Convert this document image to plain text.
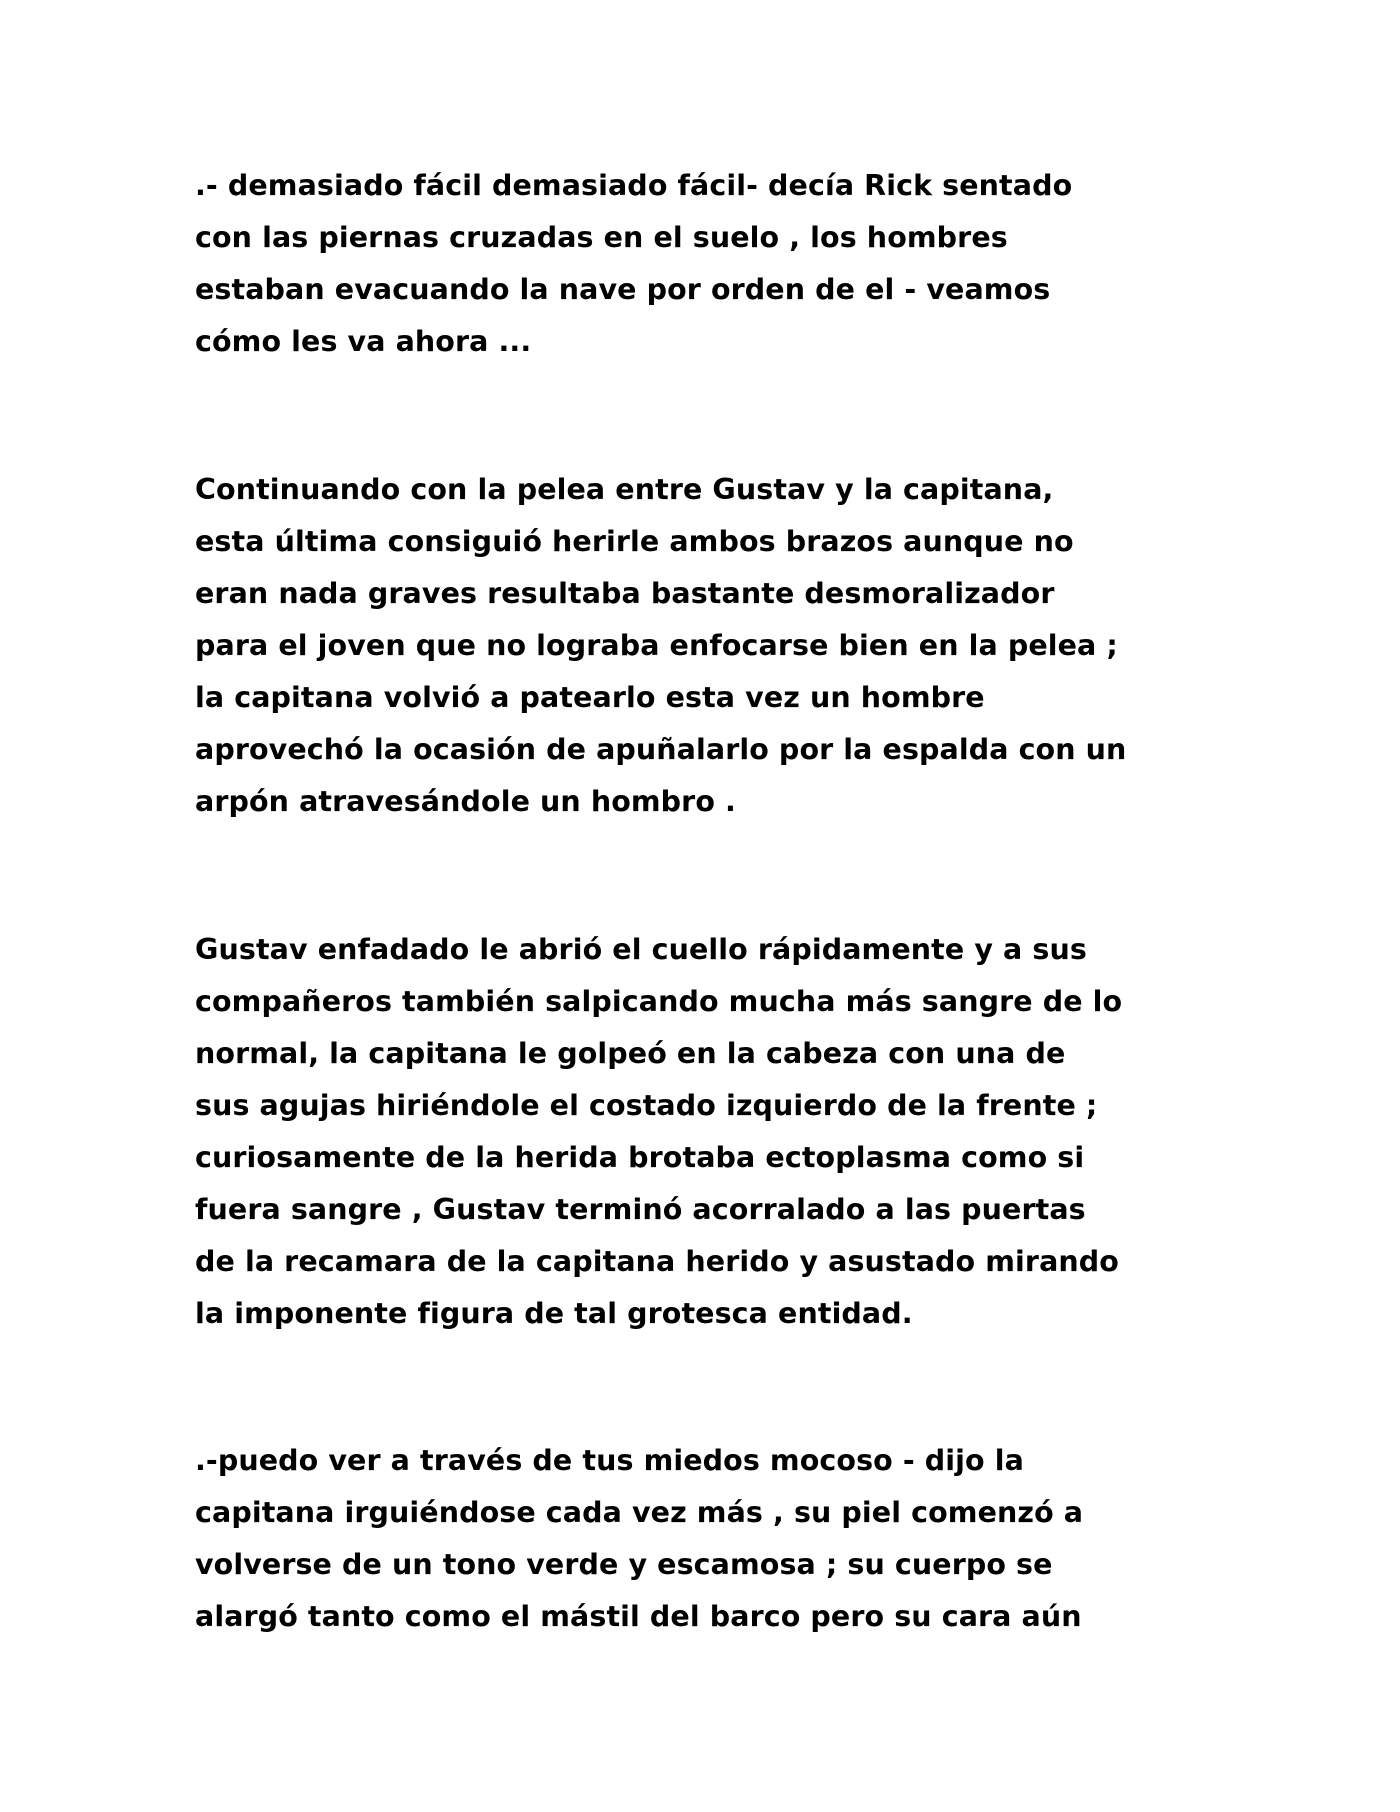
.- demasiado fácil demasiado fácil- decía Rick sentado
con las piernas cruzadas en el suelo , los hombres
estaban evacuando la nave por orden de el - veamos
cómo les va ahora ...

Continuando con la pelea entre Gustav y la capitana,
esta última consiguió herirle ambos brazos aunque no
eran nada graves resultaba bastante desmoralizador
para el joven que no lograba enfocarse bien en la pelea ;
la capitana volvió a patearlo esta vez un hombre
aprovechó la ocasión de apuñalarlo por la espalda con un
arpón atravesándole un hombro .

Gustav enfadado le abrió el cuello rápidamente y a sus
compañeros también salpicando mucha más sangre de lo
normal, la capitana le golpeó en la cabeza con una de
sus agujas hiriéndole el costado izquierdo de la frente ;
curiosamente de la herida brotaba ectoplasma como si
fuera sangre , Gustav terminó acorralado a las puertas
de la recamara de la capitana herido y asustado mirando
la imponente figura de tal grotesca entidad.

.-puedo ver a través de tus miedos mocoso - dijo la
capitana irguiéndose cada vez más , su piel comenzó a
volverse de un tono verde y escamosa ; su cuerpo se
alargó tanto como el mástil del barco pero su cara aún
